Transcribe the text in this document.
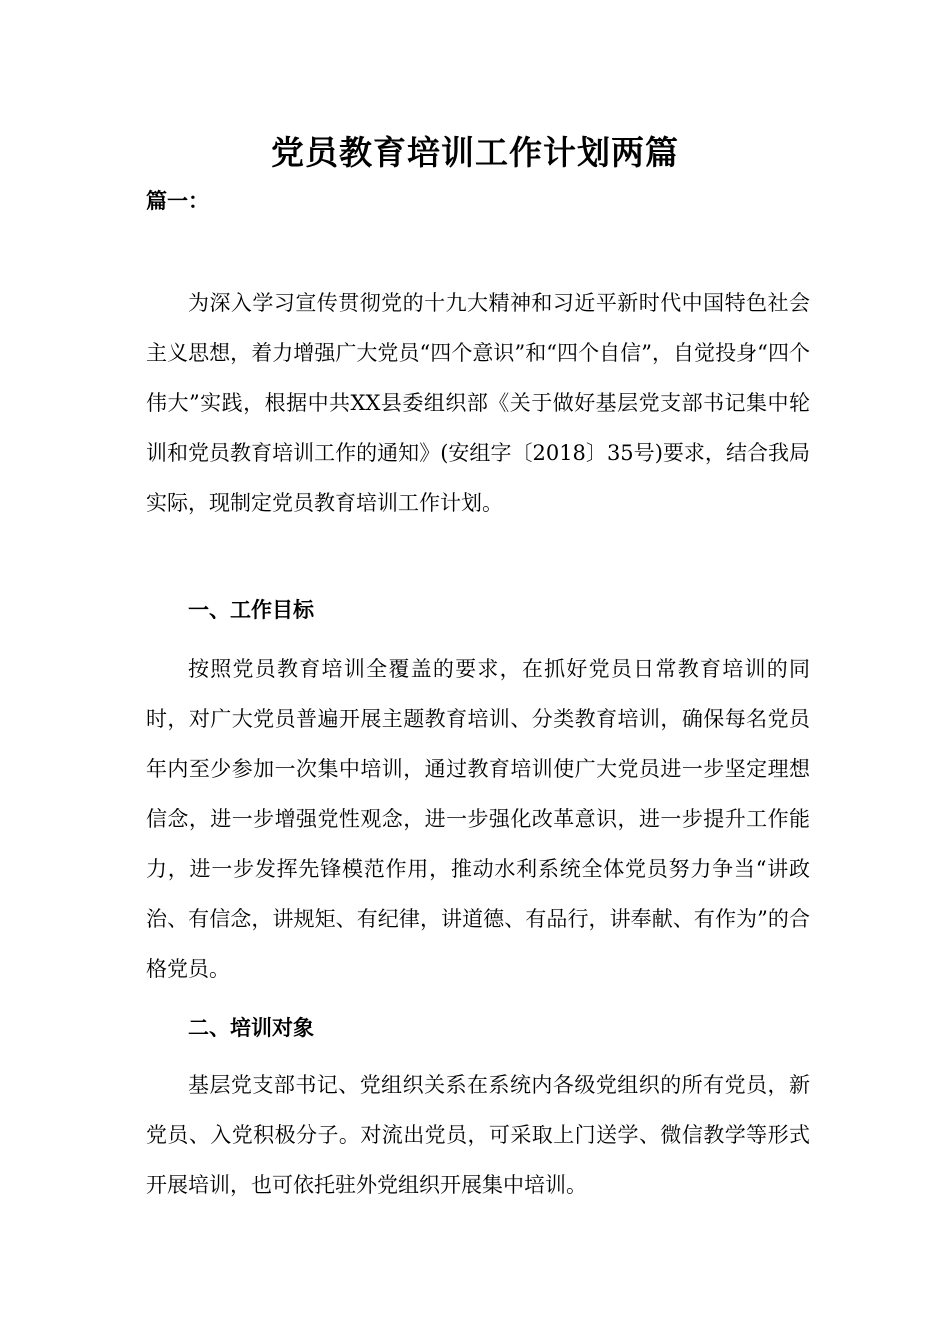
党员教育培训工作计划两篇
篇一：

为深入学习宣传贯彻党的十九大精神和习近平新时代中国特色社会主义思想，着力增强广大党员“四个意识”和“四个自信”，自觉投身“四个伟大”实践，根据中共XX县委组织部《关于做好基层党支部书记集中轮训和党员教育培训工作的通知》(安组字〔2018〕35号)要求，结合我局实际，现制定党员教育培训工作计划。

一、工作目标

按照党员教育培训全覆盖的要求，在抓好党员日常教育培训的同时，对广大党员普遍开展主题教育培训、分类教育培训，确保每名党员年内至少参加一次集中培训，通过教育培训使广大党员进一步坚定理想信念，进一步增强党性观念，进一步强化改革意识，进一步提升工作能力，进一步发挥先锋模范作用，推动水利系统全体党员努力争当“讲政治、有信念，讲规矩、有纪律，讲道德、有品行，讲奉献、有作为”的合格党员。

二、培训对象

基层党支部书记、党组织关系在系统内各级党组织的所有党员，新党员、入党积极分子。对流出党员，可采取上门送学、微信教学等形式开展培训，也可依托驻外党组织开展集中培训。
